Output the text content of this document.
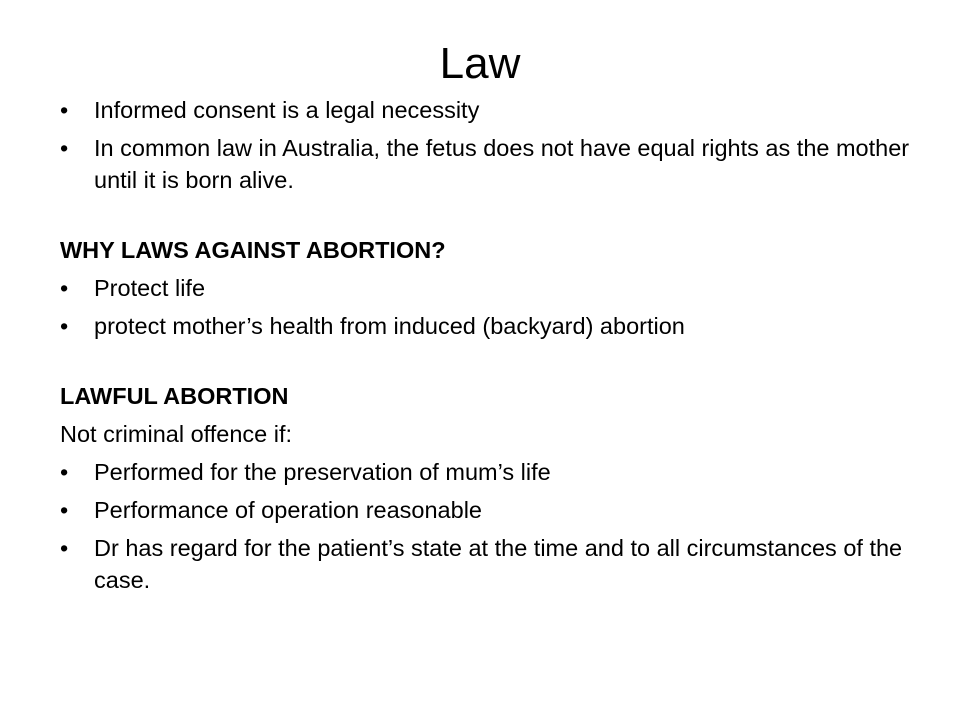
Law
•	Informed consent is a legal necessity
•	In common law in Australia, the fetus does not have equal rights as the mother until it is born alive.
WHY LAWS AGAINST ABORTION?
•	Protect life
•	protect mother’s health from induced (backyard) abortion
LAWFUL ABORTION
Not criminal offence if:
•	Performed for the preservation of mum’s life
•	Performance of operation reasonable
•	Dr has regard for the patient’s state at the time and to all circumstances of the case.
